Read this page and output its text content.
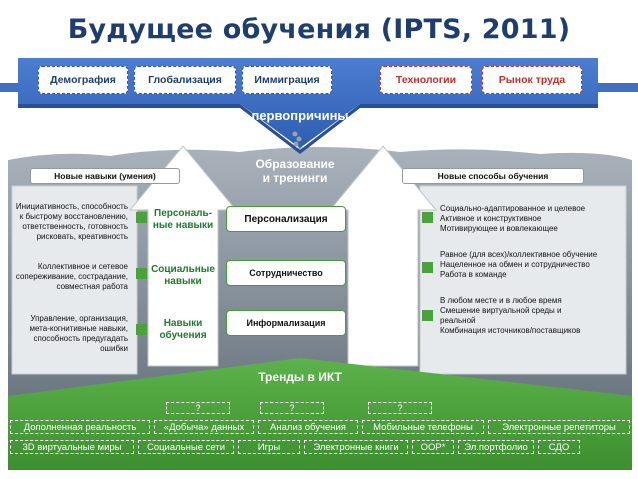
Будущее обучения (IPTS, 2011)
Демография	Глобализация	Иммиграция	Технологии	Рынок труда
первопричины
Образование
и тренинги
Новые навыки (умения)	Новые способы обучения
Инициативность, способность
к быстрому восстановлению,
ответственность, готовность
рисковать, креативность
Коллективное и сетевое
сопереживание, сострадание,
совместная работа
Управление, организация,
мета-когнитивные навыки,
способность предугадать
ошибки
Персональ-
ные навыки
Социальные
навыки
Навыки
обучения
Персонализация
Сотрудничество
Информализация
Социально-адаптированное и целевое
Активное и конструктивное
Мотивирующее и вовлекающее
Равное (для всех)/коллективное обучение
Нацеленное на обмен и сотрудничество
Работа в команде
В любом месте и в любое время
Смешение виртуальной среды и
реальной
Комбинация источников/поставщиков
Тренды в ИКТ
?	?	?
Дополненная реальность	«Добыча» данных	Анализ обучения	Мобильные телефоны	Электронные репетиторы
3D виртуальные миры	Социальные сети	Игры	Электронные книги	OOP*	Эл.портфолио	СДО
